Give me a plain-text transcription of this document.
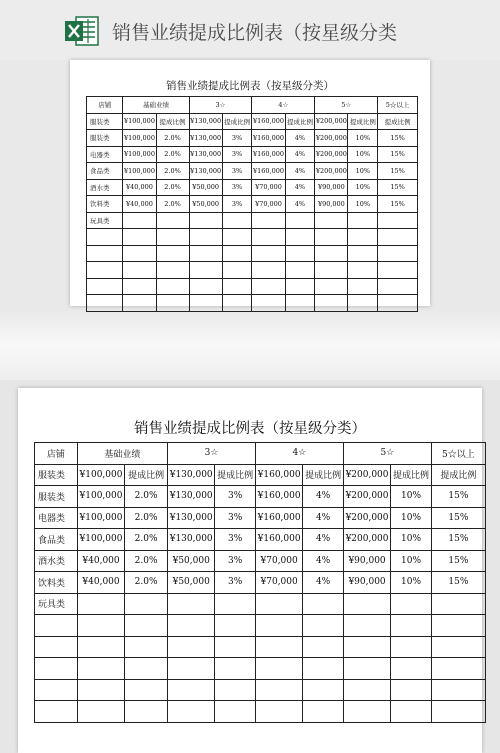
销售业绩提成比例表（按星级分类
销售业绩提成比例表（按星级分类）
店铺	基础业绩		3☆		4☆		5☆		5☆以上
服装类	¥100,000	提成比例	¥130,000	提成比例	¥160,000	提成比例	¥200,000	提成比例	提成比例
服装类	¥100,000	2.0%	¥130,000	3%	¥160,000	4%	¥200,000	10%	15%
电器类	¥100,000	2.0%	¥130,000	3%	¥160,000	4%	¥200,000	10%	15%
食品类	¥100,000	2.0%	¥130,000	3%	¥160,000	4%	¥200,000	10%	15%
酒水类	¥40,000	2.0%	¥50,000	3%	¥70,000	4%	¥90,000	10%	15%
饮料类	¥40,000	2.0%	¥50,000	3%	¥70,000	4%	¥90,000	10%	15%
玩具类									

销售业绩提成比例表（按星级分类）
店铺	基础业绩		3☆		4☆		5☆		5☆以上
服装类	¥100,000	提成比例	¥130,000	提成比例	¥160,000	提成比例	¥200,000	提成比例	提成比例
服装类	¥100,000	2.0%	¥130,000	3%	¥160,000	4%	¥200,000	10%	15%
电器类	¥100,000	2.0%	¥130,000	3%	¥160,000	4%	¥200,000	10%	15%
食品类	¥100,000	2.0%	¥130,000	3%	¥160,000	4%	¥200,000	10%	15%
酒水类	¥40,000	2.0%	¥50,000	3%	¥70,000	4%	¥90,000	10%	15%
饮料类	¥40,000	2.0%	¥50,000	3%	¥70,000	4%	¥90,000	10%	15%
玩具类									
